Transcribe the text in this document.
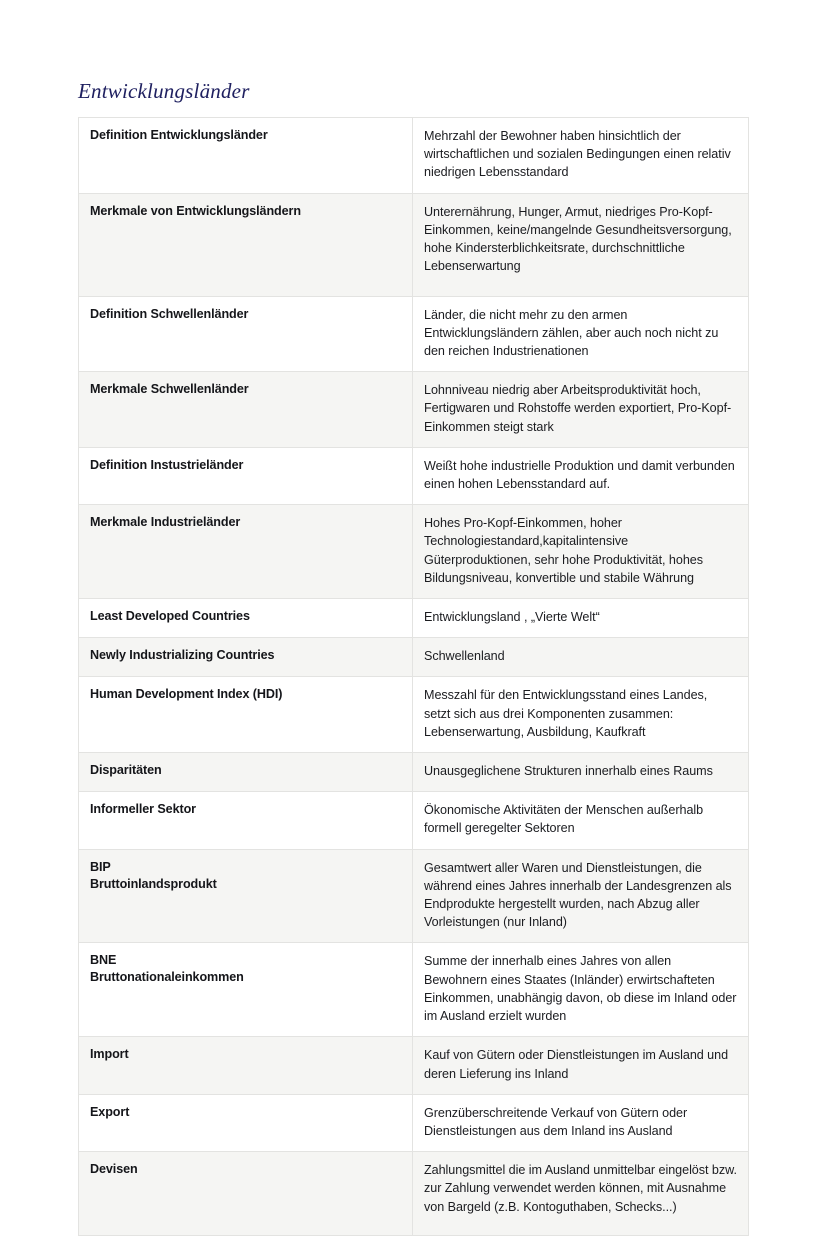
Entwicklungsländer
Definition Entwicklungsländer	Mehrzahl der Bewohner haben hinsichtlich der wirtschaftlichen und sozialen Bedingungen einen relativ niedrigen Lebensstandard
Merkmale von Entwicklungsländern	Unterernährung, Hunger, Armut, niedriges Pro-Kopf-Einkommen, keine/mangelnde Gesundheitsversorgung, hohe Kindersterblichkeitsrate, durchschnittliche Lebenserwartung
Definition Schwellenländer	Länder, die nicht mehr zu den armen Entwicklungsländern zählen, aber auch noch nicht zu den reichen Industrienationen
Merkmale Schwellenländer	Lohnniveau niedrig aber Arbeitsproduktivität hoch, Fertigwaren und Rohstoffe werden exportiert, Pro-Kopf-Einkommen steigt stark
Definition Instustrieländer	Weißt hohe industrielle Produktion und damit verbunden einen hohen Lebensstandard auf.
Merkmale Industrieländer	Hohes Pro-Kopf-Einkommen, hoher Technologiestandard,kapitalintensive Güterproduktionen, sehr hohe Produktivität, hohes Bildungsniveau, konvertible und stabile Währung
Least Developed Countries	Entwicklungsland , „Vierte Welt“
Newly Industrializing Countries	Schwellenland
Human Development Index (HDI)	Messzahl für den Entwicklungsstand eines Landes, setzt sich aus drei Komponenten zusammen: Lebenserwartung, Ausbildung, Kaufkraft
Disparitäten	Unausgeglichene Strukturen innerhalb eines Raums
Informeller Sektor	Ökonomische Aktivitäten der Menschen außerhalb formell geregelter Sektoren

BIP
Bruttoinlandsprodukt	Gesamtwert aller Waren und Dienstleistungen, die während eines Jahres innerhalb der Landesgrenzen als Endprodukte hergestellt wurden, nach Abzug aller Vorleistungen (nur Inland)

BNE
Bruttonationaleinkommen	Summe der innerhalb eines Jahres von allen Bewohnern eines Staates (Inländer) erwirtschafteten Einkommen, unabhängig davon, ob diese im Inland oder im Ausland erzielt wurden
Import	Kauf von Gütern oder Dienstleistungen im Ausland und deren Lieferung ins Inland
Export	Grenzüberschreitende Verkauf von Gütern oder Dienstleistungen aus dem Inland ins Ausland
Devisen	Zahlungsmittel die im Ausland unmittelbar eingelöst bzw. zur Zahlung verwendet werden können, mit Ausnahme von Bargeld (z.B. Kontoguthaben, Schecks...)
